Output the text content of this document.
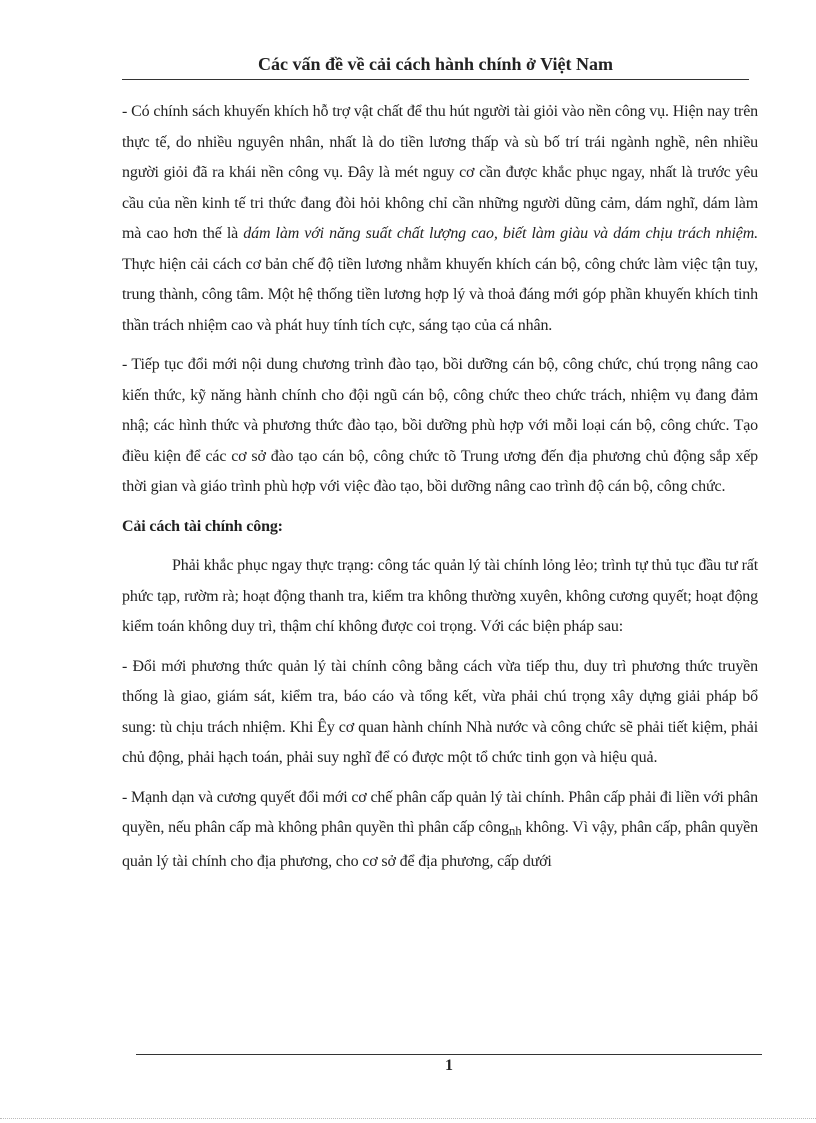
Các vấn đề về cải cách hành chính ở Việt Nam

- Có chính sách khuyến khích hỗ trợ vật chất để thu hút người tài giỏi vào nền công vụ. Hiện nay trên thực tế, do nhiều nguyên nhân, nhất là do tiền lương thấp và sù bố trí trái ngành nghề, nên nhiều người giỏi đã ra khái nền công vụ. Đây là mét nguy cơ cần được khắc phục ngay, nhất là trước yêu cầu của nền kinh tế tri thức đang đòi hỏi không chỉ cần những người dũng cảm, dám nghĩ, dám làm mà cao hơn thế là dám làm với năng suất chất lượng cao, biết làm giàu và dám chịu trách nhiệm. Thực hiện cải cách cơ bản chế độ tiền lương nhằm khuyến khích cán bộ, công chức làm việc tận tuy, trung thành, công tâm. Một hệ thống tiền lương hợp lý và thoả đáng mới góp phần khuyến khích tinh thần trách nhiệm cao và phát huy tính tích cực, sáng tạo của cá nhân.

- Tiếp tục đổi mới nội dung chương trình đào tạo, bồi dưỡng cán bộ, công chức, chú trọng nâng cao kiến thức, kỹ năng hành chính cho đội ngũ cán bộ, công chức theo chức trách, nhiệm vụ đang đảm nhậ; các hình thức và phương thức đào tạo, bồi dưỡng phù hợp với mỗi loại cán bộ, công chức. Tạo điều kiện để các cơ sở đào tạo cán bộ, công chức tõ Trung ương đến địa phương chủ động sắp xếp thời gian và giáo trình phù hợp với việc đào tạo, bồi dưỡng nâng cao trình độ cán bộ, công chức.

Cải cách tài chính công:

Phải khắc phục ngay thực trạng: công tác quản lý tài chính lỏng lẻo; trình tự thủ tục đầu tư rất phức tạp, rườm rà; hoạt động thanh tra, kiểm tra không thường xuyên, không cương quyết; hoạt động kiểm toán không duy trì, thậm chí không được coi trọng. Với các biện pháp sau:

- Đổi mới phương thức quản lý tài chính công bằng cách vừa tiếp thu, duy trì phương thức truyền thống là giao, giám sát, kiểm tra, báo cáo và tổng kết, vừa phải chú trọng xây dựng giải pháp bổ sung: tù chịu trách nhiệm. Khi Êy cơ quan hành chính Nhà nước và công chức sẽ phải tiết kiệm, phải chủ động, phải hạch toán, phải suy nghĩ để có được một tổ chức tinh gọn và hiệu quả.

- Mạnh dạn và cương quyết đổi mới cơ chế phân cấp quản lý tài chính. Phân cấp phải đi liền với phân quyền, nếu phân cấp mà không phân quyền thì phân cấp công$_{nh}$ không. Vì vậy, phân cấp, phân quyền quản lý tài chính cho địa phương, cho cơ sở để địa phương, cấp dưới

1
